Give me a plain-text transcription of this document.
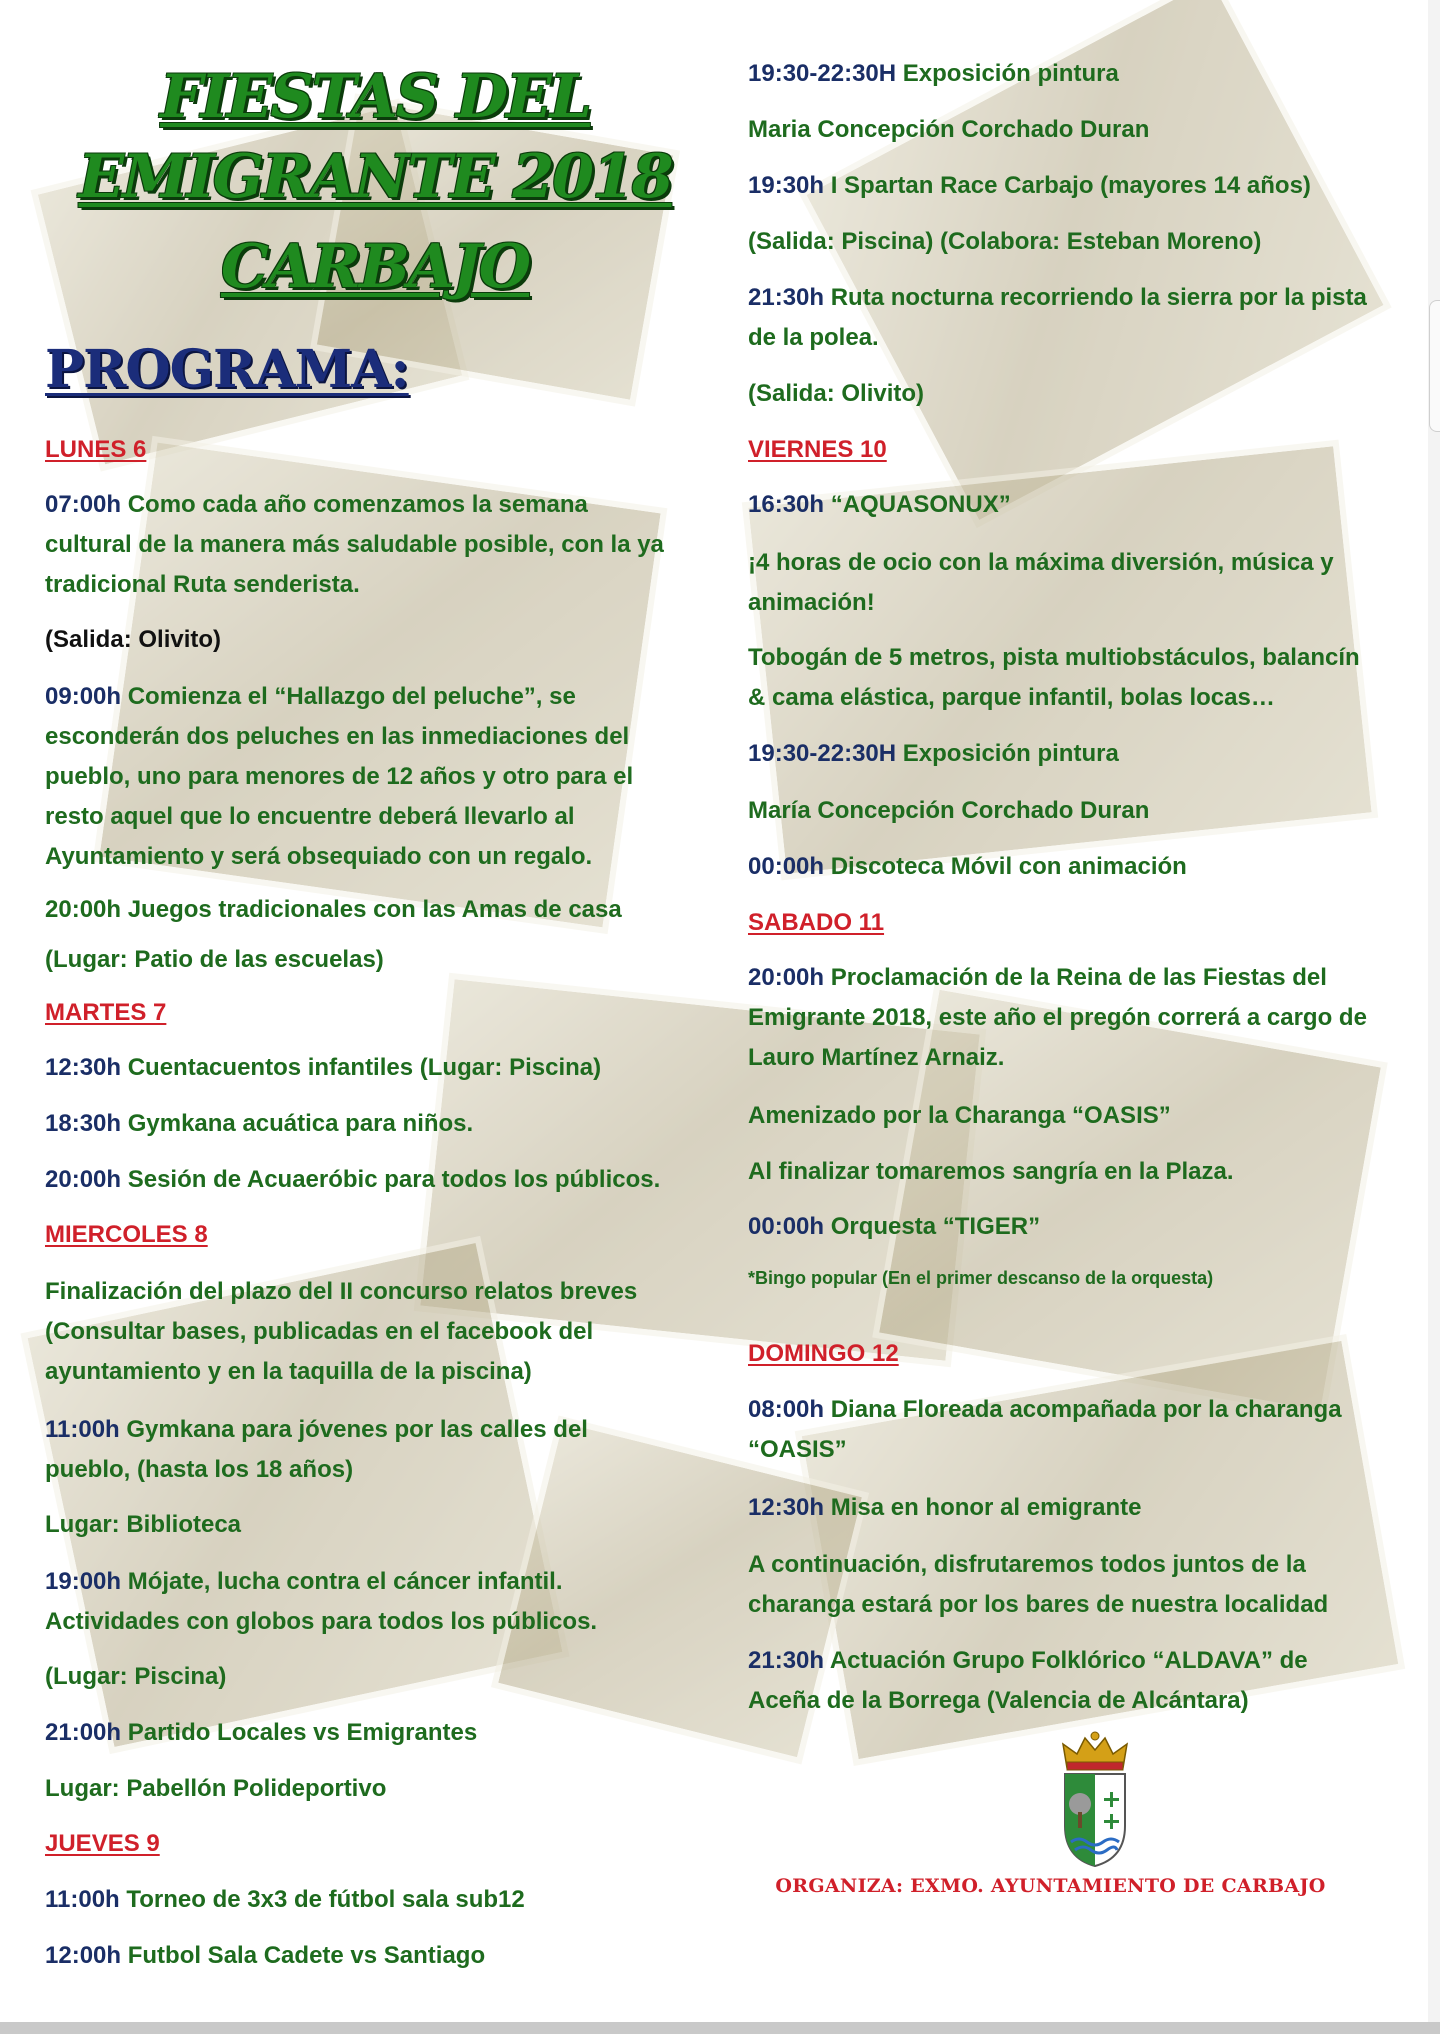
FIESTAS DEL
EMIGRANTE 2018
CARBAJO
PROGRAMA:
LUNES 6
07:00h Como cada año comenzamos la semana
cultural de la manera más saludable posible, con la ya
tradicional Ruta senderista.
(Salida: Olivito)
09:00h Comienza el “Hallazgo del peluche”, se
esconderán dos peluches en las inmediaciones del
pueblo, uno para menores de 12 años y otro para el
resto aquel que lo encuentre deberá llevarlo al
Ayuntamiento y será obsequiado con un regalo.
20:00h Juegos tradicionales con las Amas de casa
(Lugar: Patio de las escuelas)
MARTES 7
12:30h Cuentacuentos infantiles (Lugar: Piscina)
18:30h Gymkana acuática para niños.
20:00h Sesión de Acuaeróbic para todos los públicos.
MIERCOLES 8
Finalización del plazo del II concurso relatos breves
(Consultar bases, publicadas en el facebook del
ayuntamiento y en la taquilla de la piscina)
11:00h Gymkana para jóvenes por las calles del
pueblo, (hasta los 18 años)
Lugar: Biblioteca
19:00h Mójate, lucha contra el cáncer infantil.
Actividades con globos para todos los públicos.
(Lugar: Piscina)
21:00h Partido Locales vs Emigrantes
Lugar: Pabellón Polideportivo
JUEVES 9
11:00h Torneo de 3x3 de fútbol sala sub12
12:00h Futbol Sala Cadete vs Santiago
19:30-22:30H Exposición pintura
Maria Concepción Corchado Duran
19:30h I Spartan Race Carbajo (mayores 14 años)
(Salida: Piscina) (Colabora: Esteban Moreno)
21:30h Ruta nocturna recorriendo la sierra por la pista
de la polea.
(Salida: Olivito)
VIERNES 10
16:30h “AQUASONUX”
¡4 horas de ocio con la máxima diversión, música y
animación!
Tobogán de 5 metros, pista multiobstáculos, balancín
& cama elástica, parque infantil, bolas locas…
19:30-22:30H Exposición pintura
María Concepción Corchado Duran
00:00h Discoteca Móvil con animación
SABADO 11
20:00h Proclamación de la Reina de las Fiestas del
Emigrante 2018, este año el pregón correrá a cargo de
Lauro Martínez Arnaiz.
Amenizado por la Charanga “OASIS”
Al finalizar tomaremos sangría en la Plaza.
00:00h Orquesta “TIGER”
*Bingo popular (En el primer descanso de la orquesta)
DOMINGO 12
08:00h Diana Floreada acompañada por la charanga
“OASIS”
12:30h Misa en honor al emigrante
A continuación, disfrutaremos todos juntos de la
charanga estará por los bares de nuestra localidad
21:30h Actuación Grupo Folklórico “ALDAVA” de
Aceña de la Borrega (Valencia de Alcántara)
ORGANIZA: EXMO. AYUNTAMIENTO DE CARBAJO
